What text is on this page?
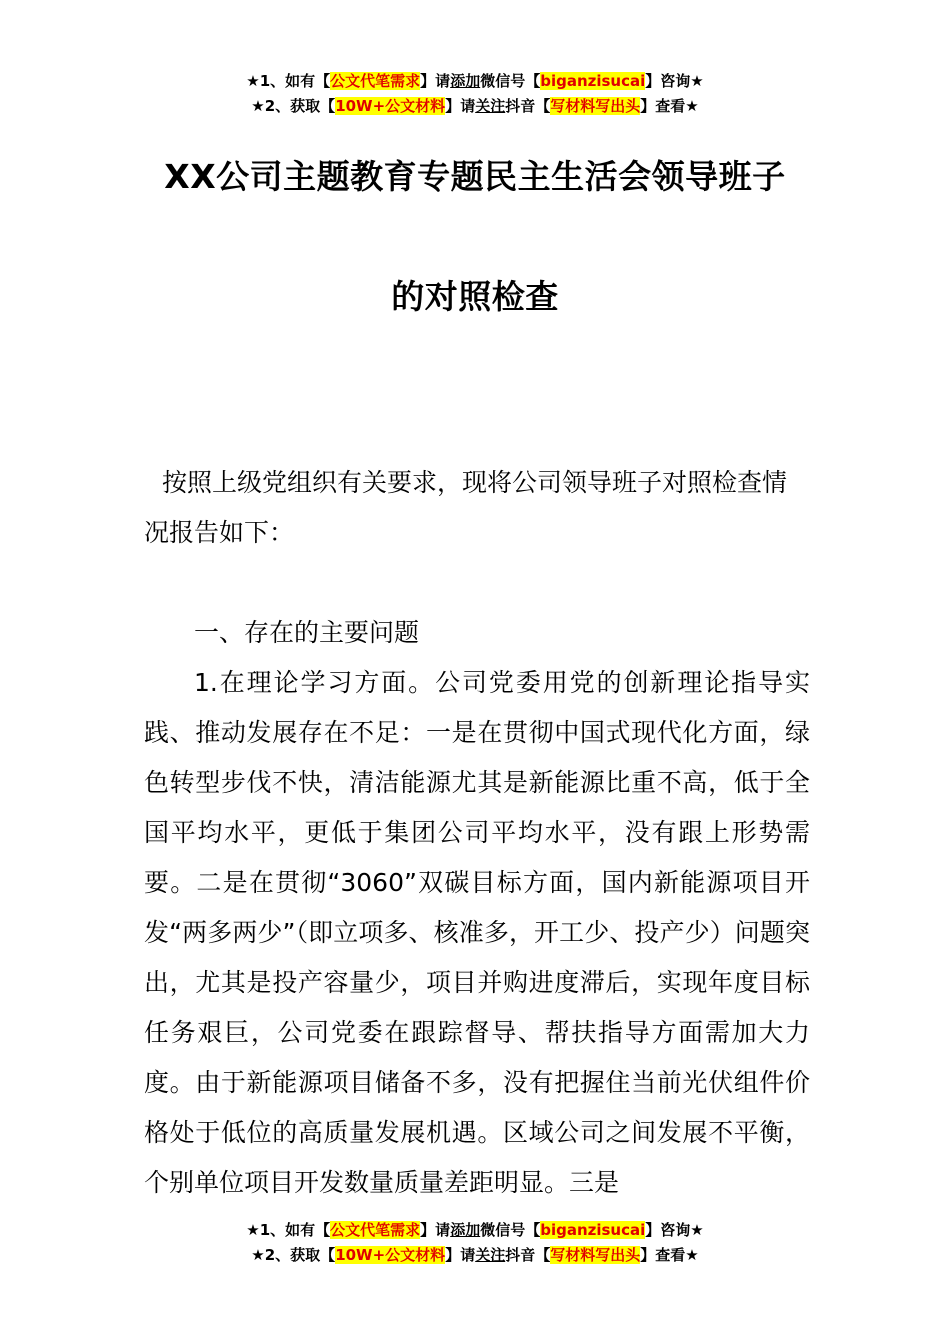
★1、如有【公文代笔需求】请添加微信号【biganzisucai】咨询★
★2、获取【10W+公文材料】请关注抖音【写材料写出头】查看★
XX公司主题教育专题民主生活会领导班子
的对照检查

按照上级党组织有关要求，现将公司领导班子对照检查情况报告如下：

一、存在的主要问题

1.在理论学习方面。公司党委用党的创新理论指导实践、推动发展存在不足：一是在贯彻中国式现代化方面，绿色转型步伐不快，清洁能源尤其是新能源比重不高，低于全国平均水平，更低于集团公司平均水平，没有跟上形势需要。二是在贯彻“3060”双碳目标方面，国内新能源项目开发“两多两少”（即立项多、核准多，开工少、投产少）问题突出，尤其是投产容量少，项目并购进度滞后，实现年度目标任务艰巨，公司党委在跟踪督导、帮扶指导方面需加大力度。由于新能源项目储备不多，没有把握住当前光伏组件价格处于低位的高质量发展机遇。区域公司之间发展不平衡，个别单位项目开发数量质量差距明显。三是

★1、如有【公文代笔需求】请添加微信号【biganzisucai】咨询★
★2、获取【10W+公文材料】请关注抖音【写材料写出头】查看★
